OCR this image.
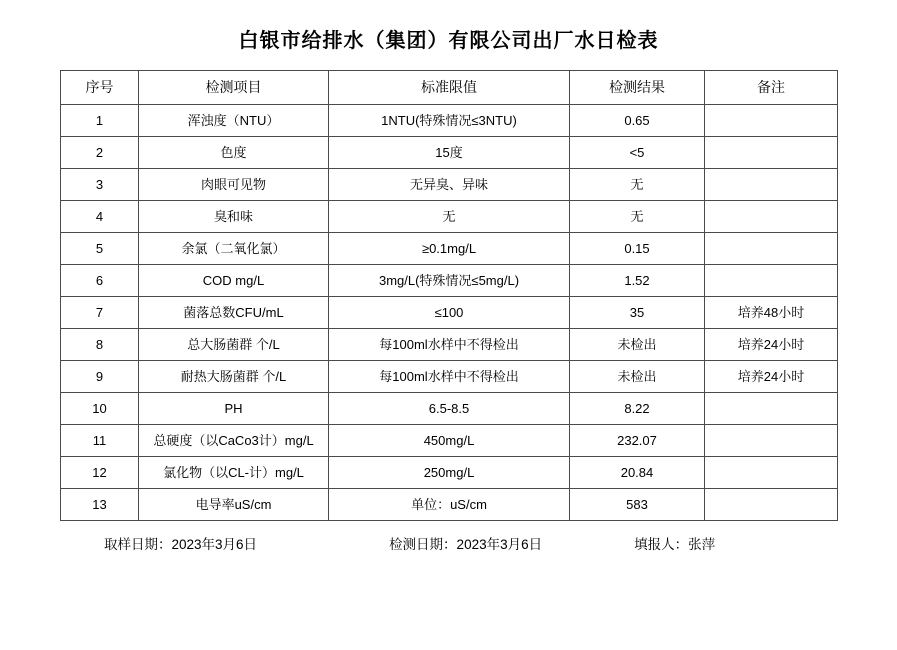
白银市给排水（集团）有限公司出厂水日检表
序号	检测项目	标准限值	检测结果	备注
1	浑浊度（NTU）	1NTU(特殊情况≤3NTU)	0.65	
2	色度	15度	<5	
3	肉眼可见物	无异臭、异味	无	
4	臭和味	无	无	
5	余氯（二氧化氯）	≥0.1mg/L	0.15	
6	COD mg/L	3mg/L(特殊情况≤5mg/L)	1.52	
7	菌落总数CFU/mL	≤100	35	培养48小时
8	总大肠菌群 个/L	每100ml水样中不得检出	未检出	培养24小时
9	耐热大肠菌群 个/L	每100ml水样中不得检出	未检出	培养24小时
10	PH	6.5-8.5	8.22	
11	总硬度（以CaCo3计）mg/L	450mg/L	232.07	
12	氯化物（以CL-计）mg/L	250mg/L	20.84	
13	电导率uS/cm	单位：uS/cm	583	
取样日期：2023年3月6日	检测日期：2023年3月6日	填报人：张萍
